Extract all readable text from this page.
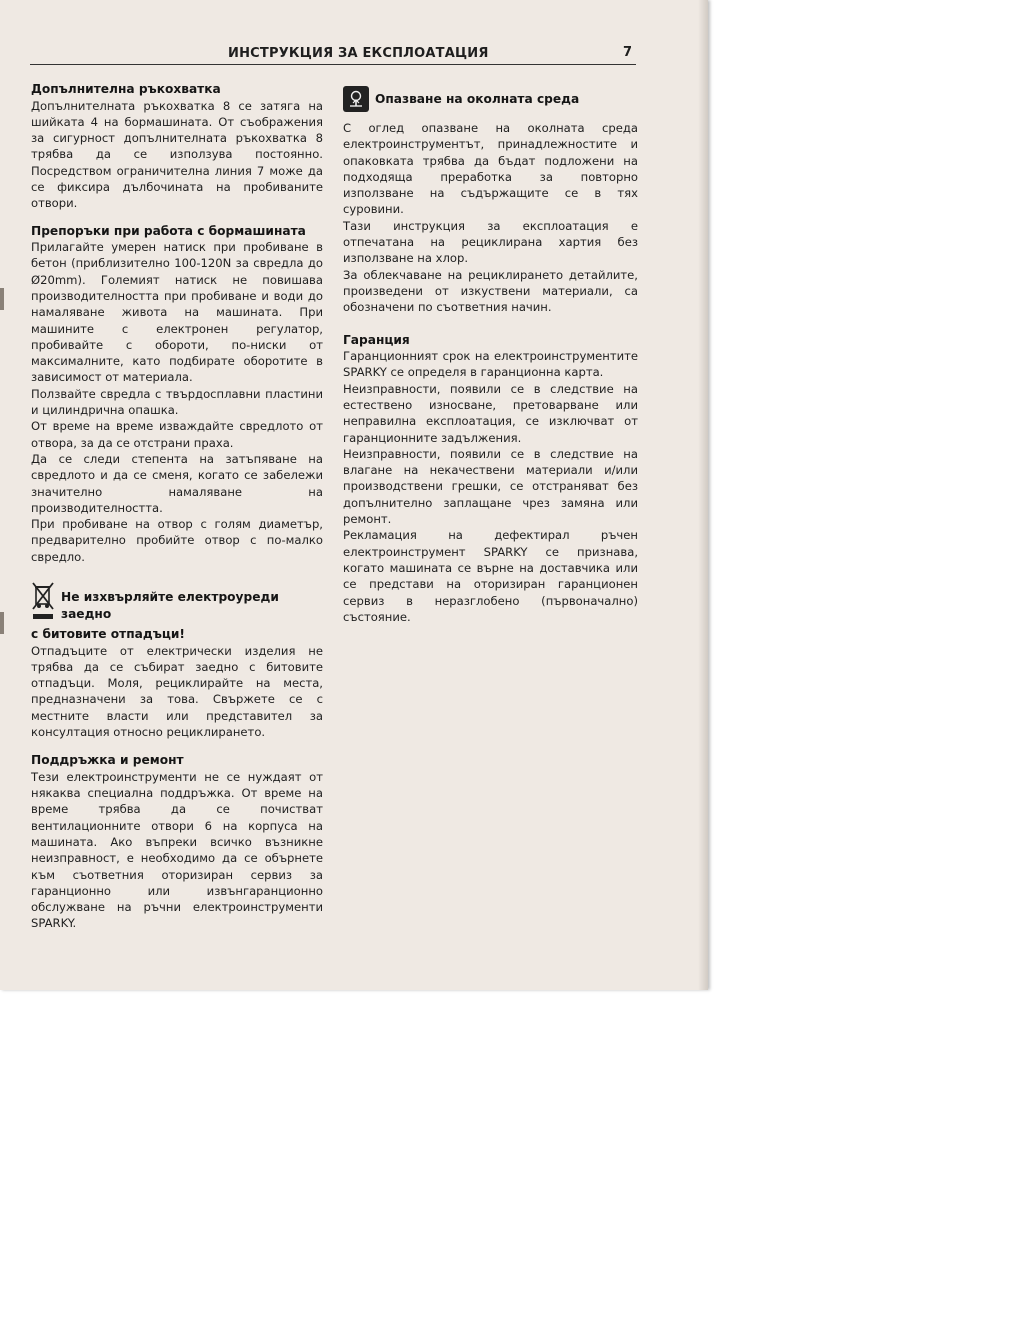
ИНСТРУКЦИЯ ЗА ЕКСПЛОАТАЦИЯ	7
Допълнителна ръкохватка

Допълнителната ръкохватка 8 се затяга на шийката 4 на бормашината. От съображения за сигурност допълнителната ръкохватка 8 трябва да се използува постоянно. Посредством ограничителна линия 7 може да се фиксира дълбочината на пробиваните отвори.

Препоръки при работа с бормашината

Прилагайте умерен натиск при пробиване в бетон (приблизително 100-120N за свредла до Ø20mm). Големият натиск не повишава производителността при пробиване и води до намаляване живота на машината. При машините с електронен регулатор, пробивайте с обороти, по-ниски от максималните, като подбирате оборотите в зависимост от материала.

Ползвайте свредла с твърдосплавни пластини и цилиндрична опашка.

От време на време изваждайте свредлото от отвора, за да се отстрани праха.

Да се следи степента на затъпяване на свредлото и да се сменя, когато се забележи значително намаляване на производителността.

При пробиване на отвор с голям диаметър, предварително пробийте отвор с по-малко свредло.

Не изхвърляйте електроуреди заедно
с битовите отпадъци!

Отпадъците от електрически изделия не трябва да се събират заедно с битовите отпадъци. Моля, рециклирайте на места, предназначени за това. Свържете се с местните власти или представител за консултация относно рециклирането.

Поддръжка и ремонт

Тези електроинструменти не се нуждаят от някаква специална поддръжка. От време на време трябва да се почистват вентилационните отвори 6 на корпуса на машината. Ако въпреки всичко възникне неизправност, е необходимо да се обърнете към съответния оторизиран сервиз за гаранционно или извънгаранционно обслужване на ръчни електроинструменти SPARKY.

Опазване на околната среда

С оглед опазване на околната среда електроинструментът, принадлежностите и опаковката трябва да бъдат подложени на подходяща преработка за повторно използване на съдържащите се в тях суровини.

Тази инструкция за експлоатация е отпечатана на рециклирана хартия без използване на хлор.

За облекчаване на рециклирането детайлите, произведени от изкуствени материали, са обозначени по съответния начин.

Гаранция

Гаранционният срок на електроинструментите SPARKY се определя в гаранционна карта.

Неизправности, появили се в следствие на естествено износване, претоварване или неправилна експлоатация, се изключват от гаранционните задължения.

Неизправности, появили се в следствие на влагане на некачествени материали и/или производствени грешки, се отстраняват без допълнително заплащане чрез замяна или ремонт.

Рекламация на дефектирал ръчен електроинструмент SPARKY се признава, когато машината се върне на доставчика или се представи на оторизиран гаранционен сервиз в неразглобено (първоначално) състояние.
